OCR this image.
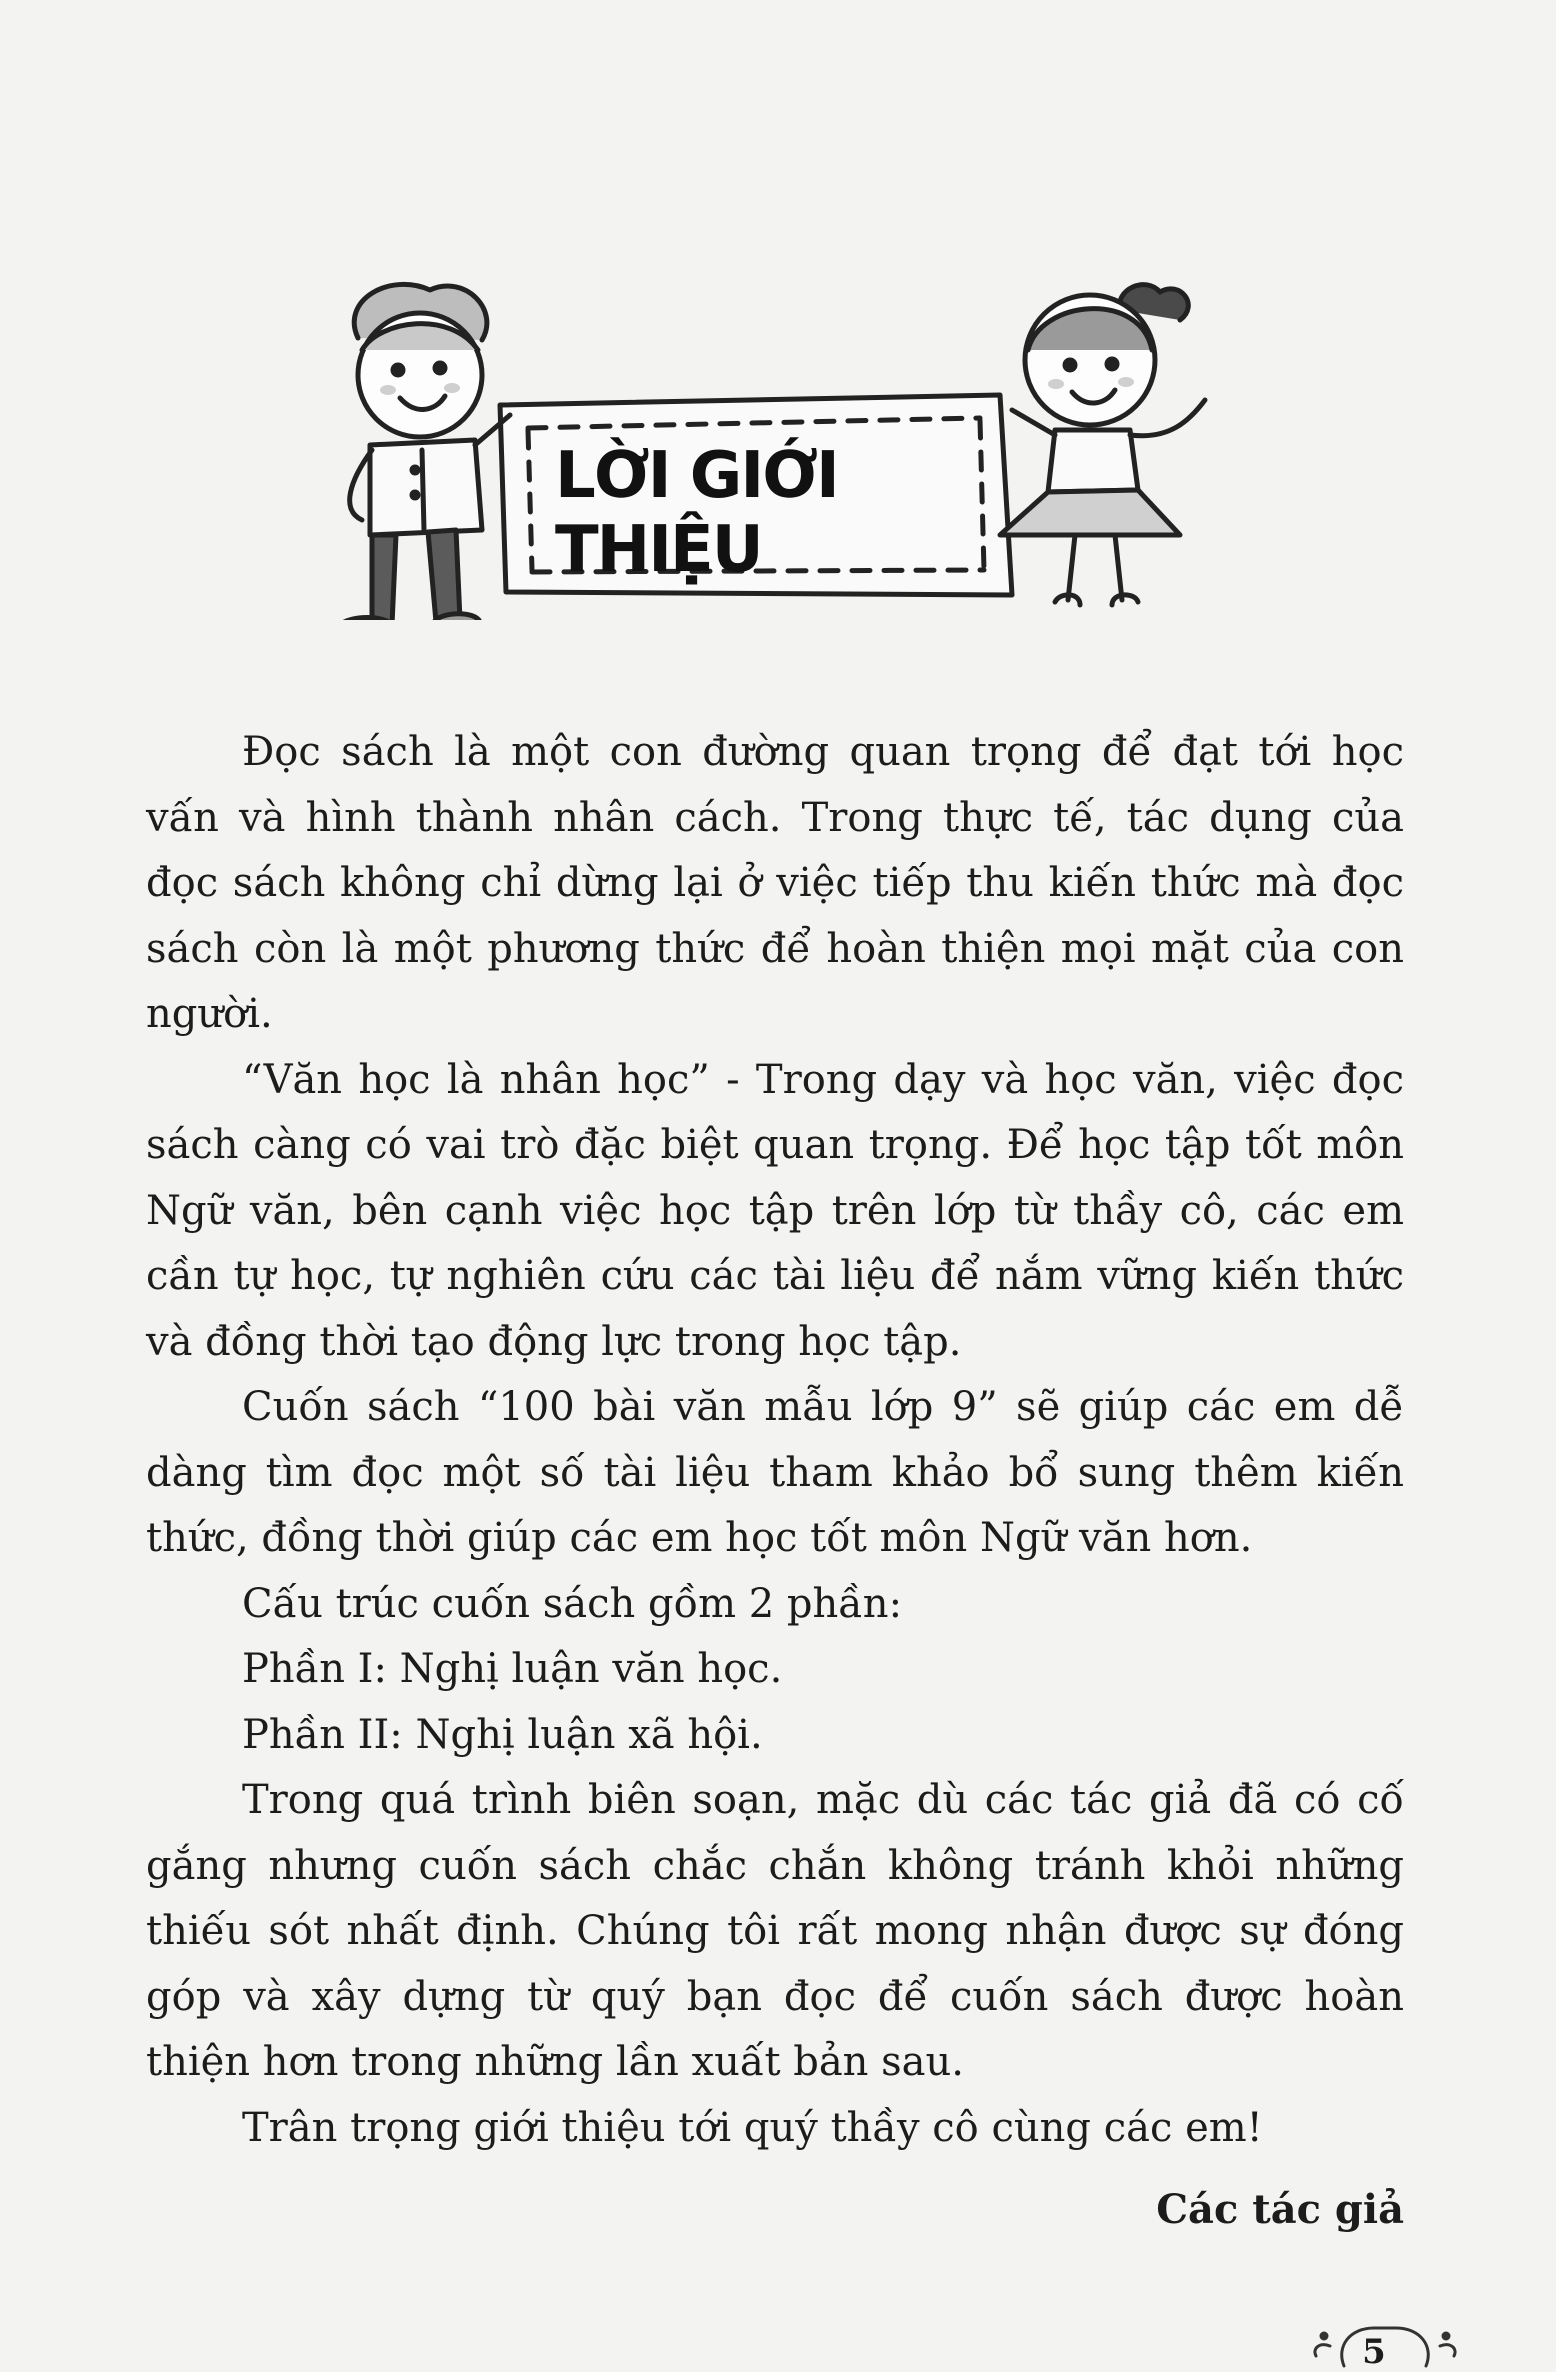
LỜI GIỚI THIỆU

Đọc sách là một con đường quan trọng để đạt tới học vấn và hình thành nhân cách. Trong thực tế, tác dụng của đọc sách không chỉ dừng lại ở việc tiếp thu kiến thức mà đọc sách còn là một phương thức để hoàn thiện mọi mặt của con người.

“Văn học là nhân học” - Trong dạy và học văn, việc đọc sách càng có vai trò đặc biệt quan trọng. Để học tập tốt môn Ngữ văn, bên cạnh việc học tập trên lớp từ thầy cô, các em cần tự học, tự nghiên cứu các tài liệu để nắm vững kiến thức và đồng thời tạo động lực trong học tập.

Cuốn sách “100 bài văn mẫu lớp 9” sẽ giúp các em dễ dàng tìm đọc một số tài liệu tham khảo bổ sung thêm kiến thức, đồng thời giúp các em học tốt môn Ngữ văn hơn.

Cấu trúc cuốn sách gồm 2 phần:

Phần I: Nghị luận văn học.

Phần II: Nghị luận xã hội.

Trong quá trình biên soạn, mặc dù các tác giả đã có cố gắng nhưng cuốn sách chắc chắn không tránh khỏi những thiếu sót nhất định. Chúng tôi rất mong nhận được sự đóng góp và xây dựng từ quý bạn đọc để cuốn sách được hoàn thiện hơn trong những lần xuất bản sau.

Trân trọng giới thiệu tới quý thầy cô cùng các em!

Các tác giả
5
